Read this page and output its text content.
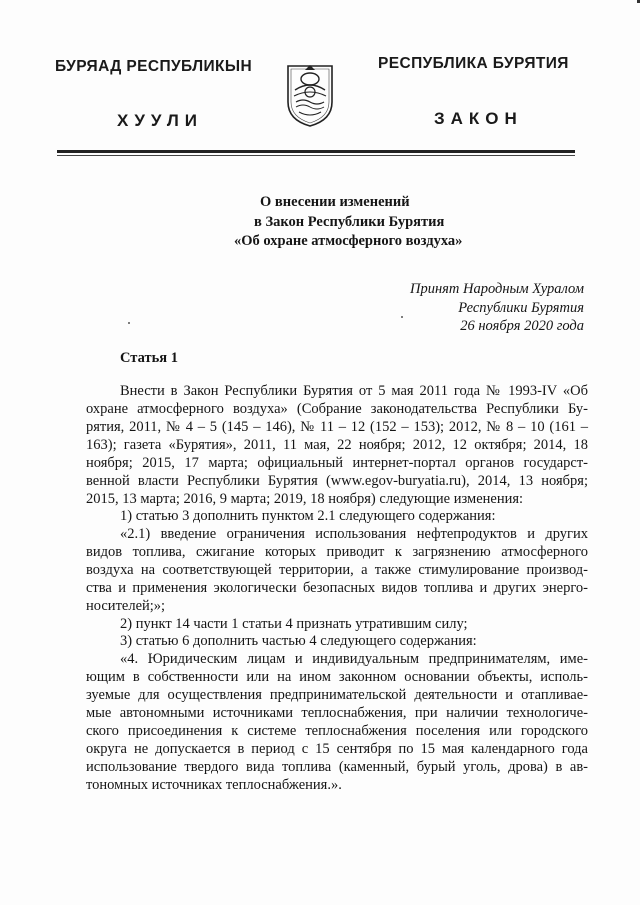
БУРЯАД РЕСПУБЛИКЫН	РЕСПУБЛИКА БУРЯТИЯ
ХУУЛИ	ЗАКОН
О внесении изменений
в Закон Республики Бурятия
«Об охране атмосферного воздуха»
Принят Народным Хуралом
Республики Бурятия
26 ноября 2020 года
Статья 1
Внести в Закон Республики Бурятия от 5 мая 2011 года № 1993-IV «Об
охране атмосферного воздуха» (Собрание законодательства Республики Бу-
рятия, 2011, № 4 – 5 (145 – 146), № 11 – 12 (152 – 153); 2012, № 8 – 10 (161 –
163); газета «Бурятия», 2011, 11 мая, 22 ноября; 2012, 12 октября; 2014, 18
ноября; 2015, 17 марта; официальный интернет-портал органов государст-
венной власти Республики Бурятия (www.egov-buryatia.ru), 2014, 13 ноября;
2015, 13 марта; 2016, 9 марта; 2019, 18 ноября) следующие изменения:
1) статью 3 дополнить пунктом 2.1 следующего содержания:
«2.1) введение ограничения использования нефтепродуктов и других
видов топлива, сжигание которых приводит к загрязнению атмосферного
воздуха на соответствующей территории, а также стимулирование производ-
ства и применения экологически безопасных видов топлива и других энерго-
носителей;»;
2) пункт 14 части 1 статьи 4 признать утратившим силу;
3) статью 6 дополнить частью 4 следующего содержания:
«4. Юридическим лицам и индивидуальным предпринимателям, име-
ющим в собственности или на ином законном основании объекты, исполь-
зуемые для осуществления предпринимательской деятельности и отапливае-
мые автономными источниками теплоснабжения, при наличии технологиче-
ского присоединения к системе теплоснабжения поселения или городского
округа не допускается в период с 15 сентября по 15 мая календарного года
использование твердого вида топлива (каменный, бурый уголь, дрова) в ав-
тономных источниках теплоснабжения.».
